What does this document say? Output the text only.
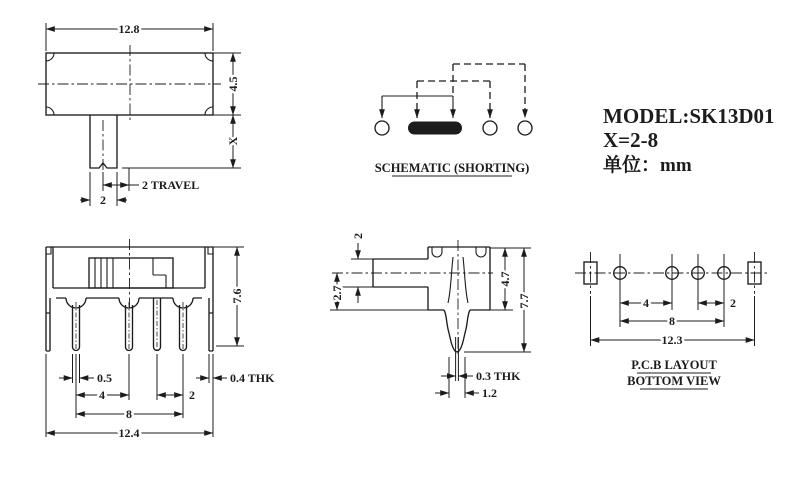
12.8
4.5
X
2 TRAVEL
2
SCHEMATIC (SHORTING)
MODEL:SK13D01
X=2-8
单位：mm
7.6
0.5
4	2
8
12.4
0.4 THK
2
2.7
4.7
7.7
0.3 THK
1.2
4	2
8
12.3
P.C.B LAYOUT
BOTTOM VIEW
